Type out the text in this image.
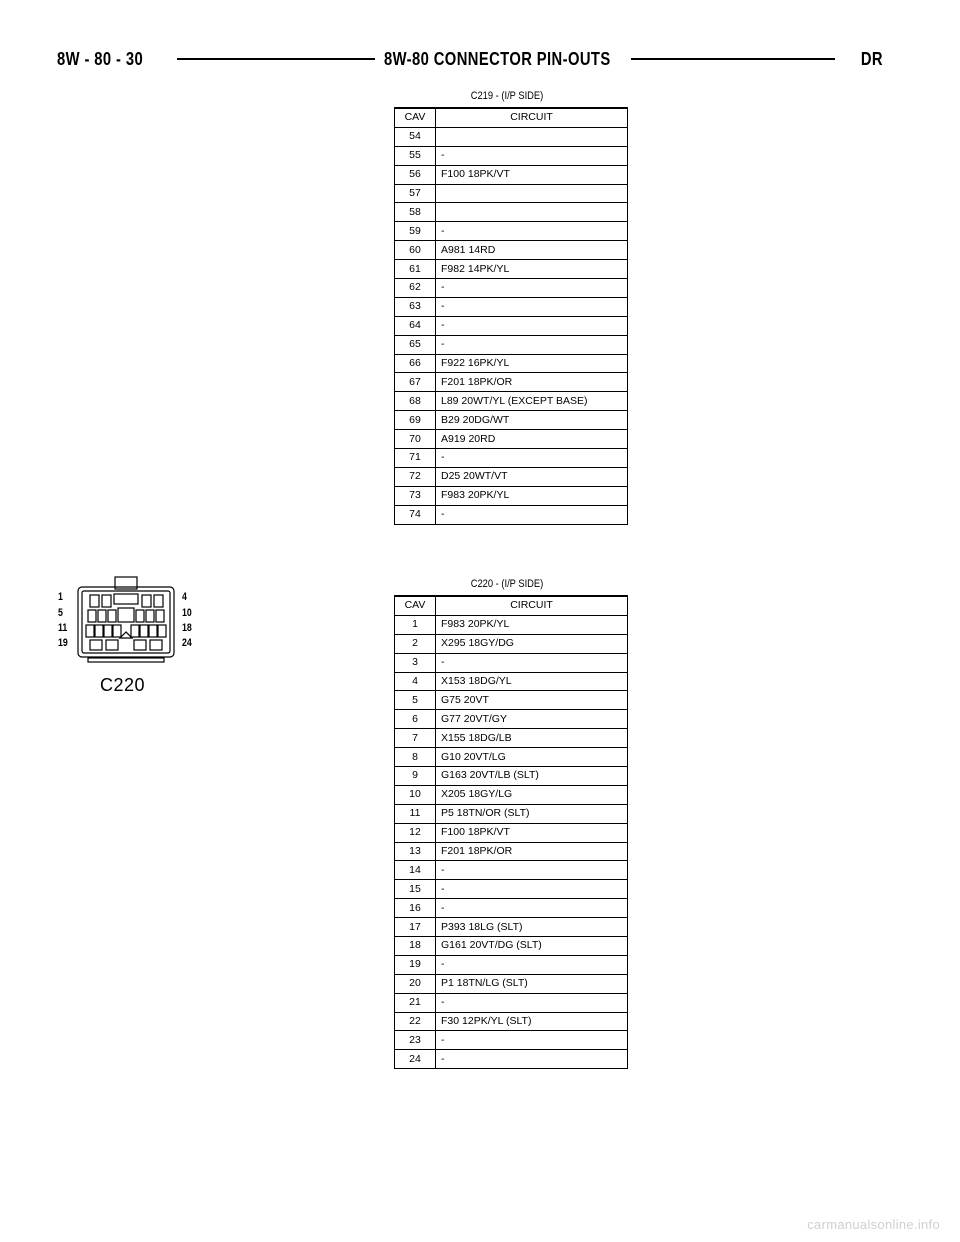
8W - 80 - 30	8W-80 CONNECTOR PIN-OUTS	DR
C219 - (I/P SIDE)
CAV	CIRCUIT
54	
55	-
56	F100 18PK/VT
57	
58	
59	-
60	A981 14RD
61	F982 14PK/YL
62	-
63	-
64	-
65	-
66	F922 16PK/YL
67	F201 18PK/OR
68	L89 20WT/YL (EXCEPT BASE)
69	B29 20DG/WT
70	A919 20RD
71	-
72	D25 20WT/VT
73	F983 20PK/YL
74	-
C220 - (I/P SIDE)
CAV	CIRCUIT
1	F983 20PK/YL
2	X295 18GY/DG
3	-
4	X153 18DG/YL
5	G75 20VT
6	G77 20VT/GY
7	X155 18DG/LB
8	G10 20VT/LG
9	G163 20VT/LB (SLT)
10	X205 18GY/LG
11	P5 18TN/OR (SLT)
12	F100 18PK/VT
13	F201 18PK/OR
14	-
15	-
16	-
17	P393 18LG (SLT)
18	G161 20VT/DG (SLT)
19	-
20	P1 18TN/LG (SLT)
21	-
22	F30 12PK/YL (SLT)
23	-
24	-
1	4
5	10
11	18
19	24
C220
carmanualsonline.info
